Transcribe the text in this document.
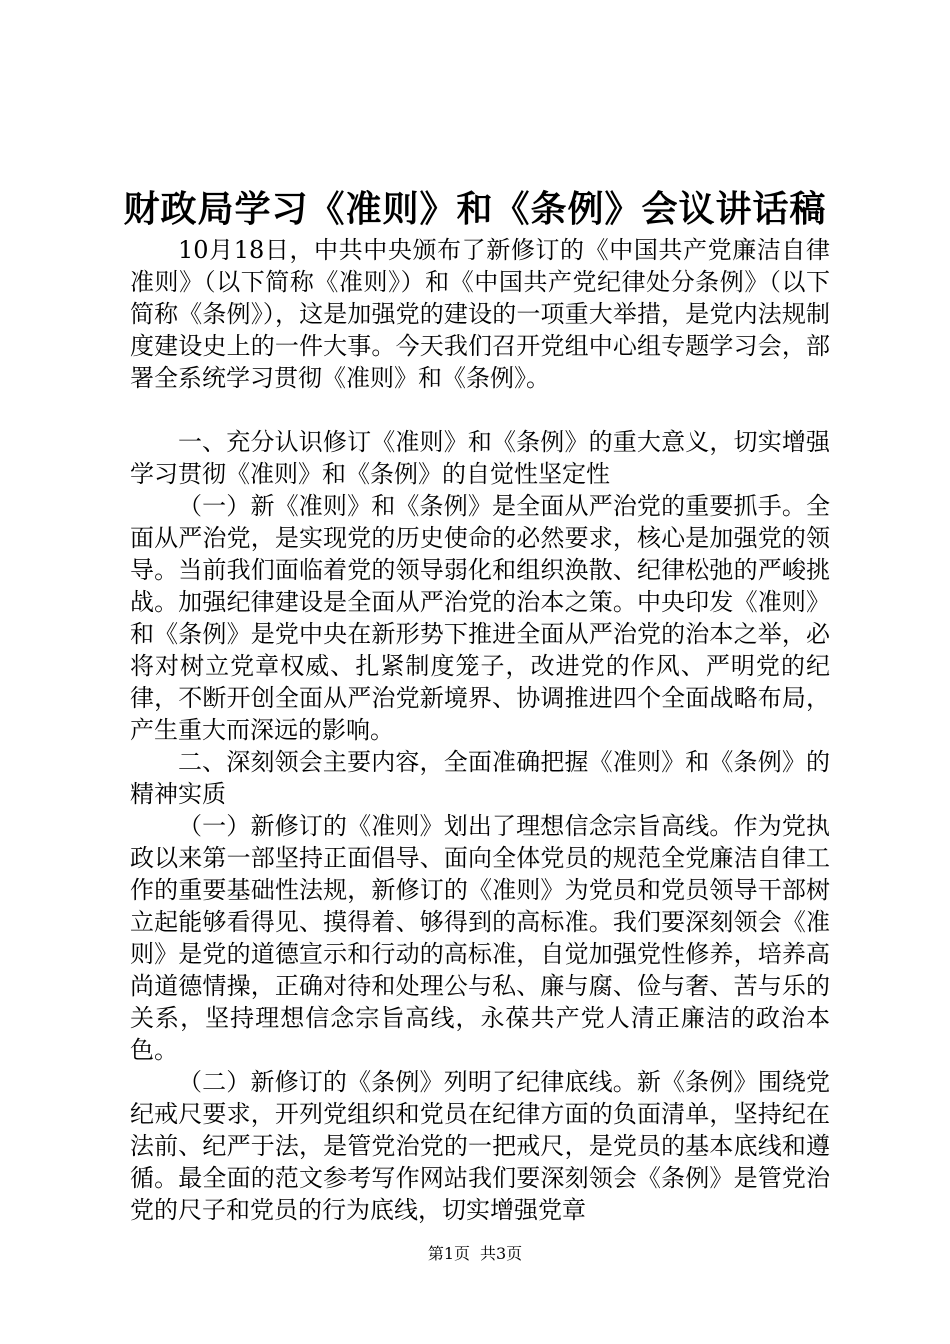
财政局学习《准则》和《条例》会议讲话稿

10月18日，中共中央颁布了新修订的《中国共产党廉洁自律准则》（以下简称《准则》）和《中国共产党纪律处分条例》（以下简称《条例》），这是加强党的建设的一项重大举措，是党内法规制度建设史上的一件大事。今天我们召开党组中心组专题学习会，部署全系统学习贯彻《准则》和《条例》。

一、充分认识修订《准则》和《条例》的重大意义，切实增强学习贯彻《准则》和《条例》的自觉性坚定性

（一）新《准则》和《条例》是全面从严治党的重要抓手。全面从严治党，是实现党的历史使命的必然要求，核心是加强党的领导。当前我们面临着党的领导弱化和组织涣散、纪律松弛的严峻挑战。加强纪律建设是全面从严治党的治本之策。中央印发《准则》和《条例》是党中央在新形势下推进全面从严治党的治本之举，必将对树立党章权威、扎紧制度笼子，改进党的作风、严明党的纪律，不断开创全面从严治党新境界、协调推进四个全面战略布局，产生重大而深远的影响。

二、深刻领会主要内容，全面准确把握《准则》和《条例》的精神实质

（一）新修订的《准则》划出了理想信念宗旨高线。作为党执政以来第一部坚持正面倡导、面向全体党员的规范全党廉洁自律工作的重要基础性法规，新修订的《准则》为党员和党员领导干部树立起能够看得见、摸得着、够得到的高标准。我们要深刻领会《准则》是党的道德宣示和行动的高标准，自觉加强党性修养，培养高尚道德情操，正确对待和处理公与私、廉与腐、俭与奢、苦与乐的关系，坚持理想信念宗旨高线，永葆共产党人清正廉洁的政治本色。

（二）新修订的《条例》列明了纪律底线。新《条例》围绕党纪戒尺要求，开列党组织和党员在纪律方面的负面清单，坚持纪在法前、纪严于法，是管党治党的一把戒尺，是党员的基本底线和遵循。最全面的范文参考写作网站我们要深刻领会《条例》是管党治党的尺子和党员的行为底线，切实增强党章

第1页 共3页
